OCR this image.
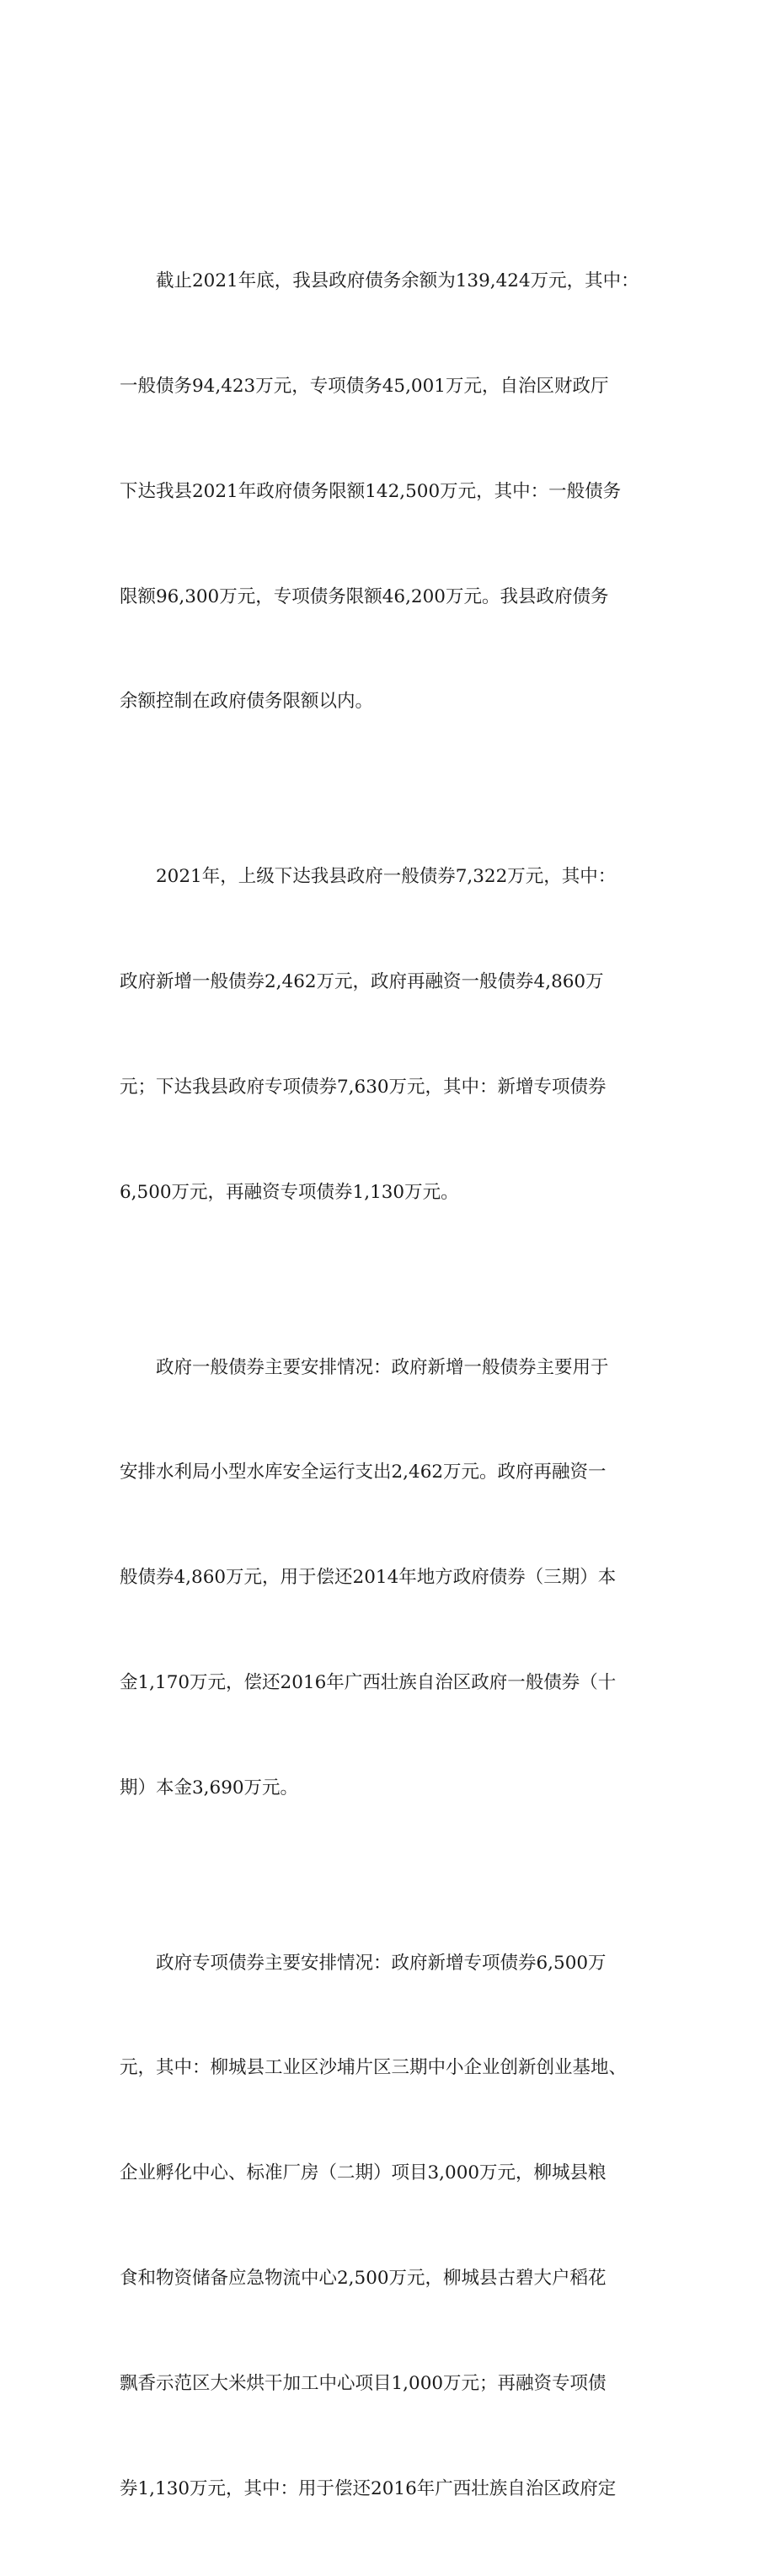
截止2021年底，我县政府债务余额为139,424万元，其中：

一般债务94,423万元，专项债务45,001万元，自治区财政厅

下达我县2021年政府债务限额142,500万元，其中：一般债务

限额96,300万元，专项债务限额46,200万元。我县政府债务

余额控制在政府债务限额以内。

2021年，上级下达我县政府一般债券7,322万元，其中：

政府新增一般债券2,462万元，政府再融资一般债券4,860万

元；下达我县政府专项债券7,630万元，其中：新增专项债券

6,500万元，再融资专项债券1,130万元。

政府一般债券主要安排情况：政府新增一般债券主要用于

安排水利局小型水库安全运行支出2,462万元。政府再融资一

般债券4,860万元，用于偿还2014年地方政府债券（三期）本

金1,170万元，偿还2016年广西壮族自治区政府一般债券（十

期）本金3,690万元。

政府专项债券主要安排情况：政府新增专项债券6,500万

元，其中：柳城县工业区沙埔片区三期中小企业创新创业基地、

企业孵化中心、标准厂房（二期）项目3,000万元，柳城县粮

食和物资储备应急物流中心2,500万元，柳城县古碧大户稻花

飘香示范区大米烘干加工中心项目1,000万元；再融资专项债

券1,130万元，其中：用于偿还2016年广西壮族自治区政府定
